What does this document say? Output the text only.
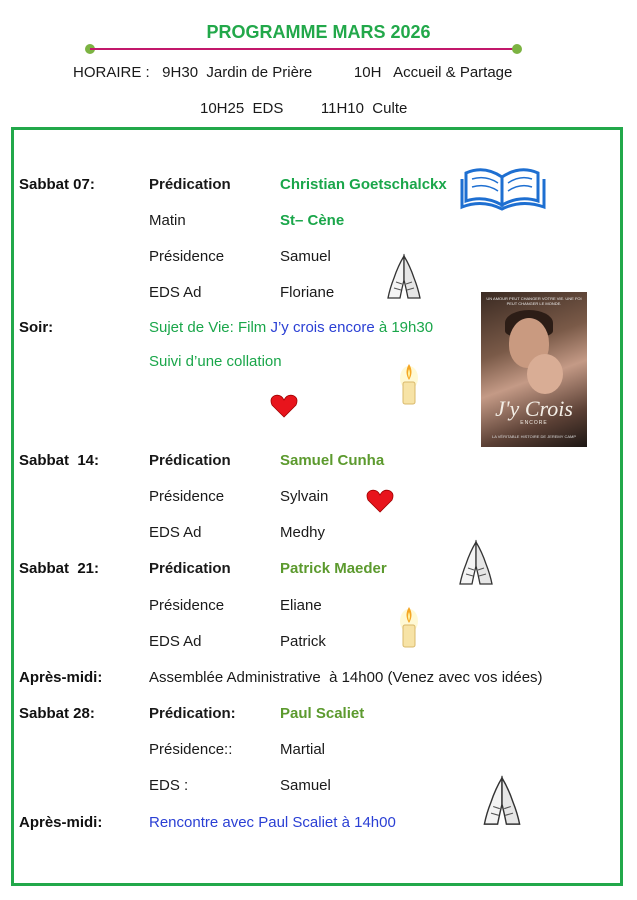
PROGRAMME MARS 2026
HORAIRE :   9H30  Jardin de Prière          10H   Accueil & Partage
10H25  EDS         11H10  Culte
Sabbat 07:	Prédication	Christian Goetschalckx
Matin	St– Cène
Présidence	Samuel
EDS Ad	Floriane
Soir:	Sujet de Vie: Film J’y crois encore à 19h30
Suivi d’une collation
Sabbat  14:	Prédication	Samuel Cunha
Présidence	Sylvain
EDS Ad	Medhy
Sabbat  21:	Prédication	Patrick Maeder
Présidence	Eliane
EDS Ad	Patrick
Après-midi:	Assemblée Administrative  à 14h00 (Venez avec vos idées)
Sabbat 28:	Prédication:	Paul Scaliet
Présidence::	Martial
EDS :	Samuel
Après-midi:	Rencontre avec Paul Scaliet à 14h00
UN AMOUR PEUT CHANGER VOTRE VIE. UNE FOI PEUT CHANGER LE MONDE.
J'y Crois
ENCORE
LA VÉRITABLE HISTOIRE DE JEREMY CAMP
